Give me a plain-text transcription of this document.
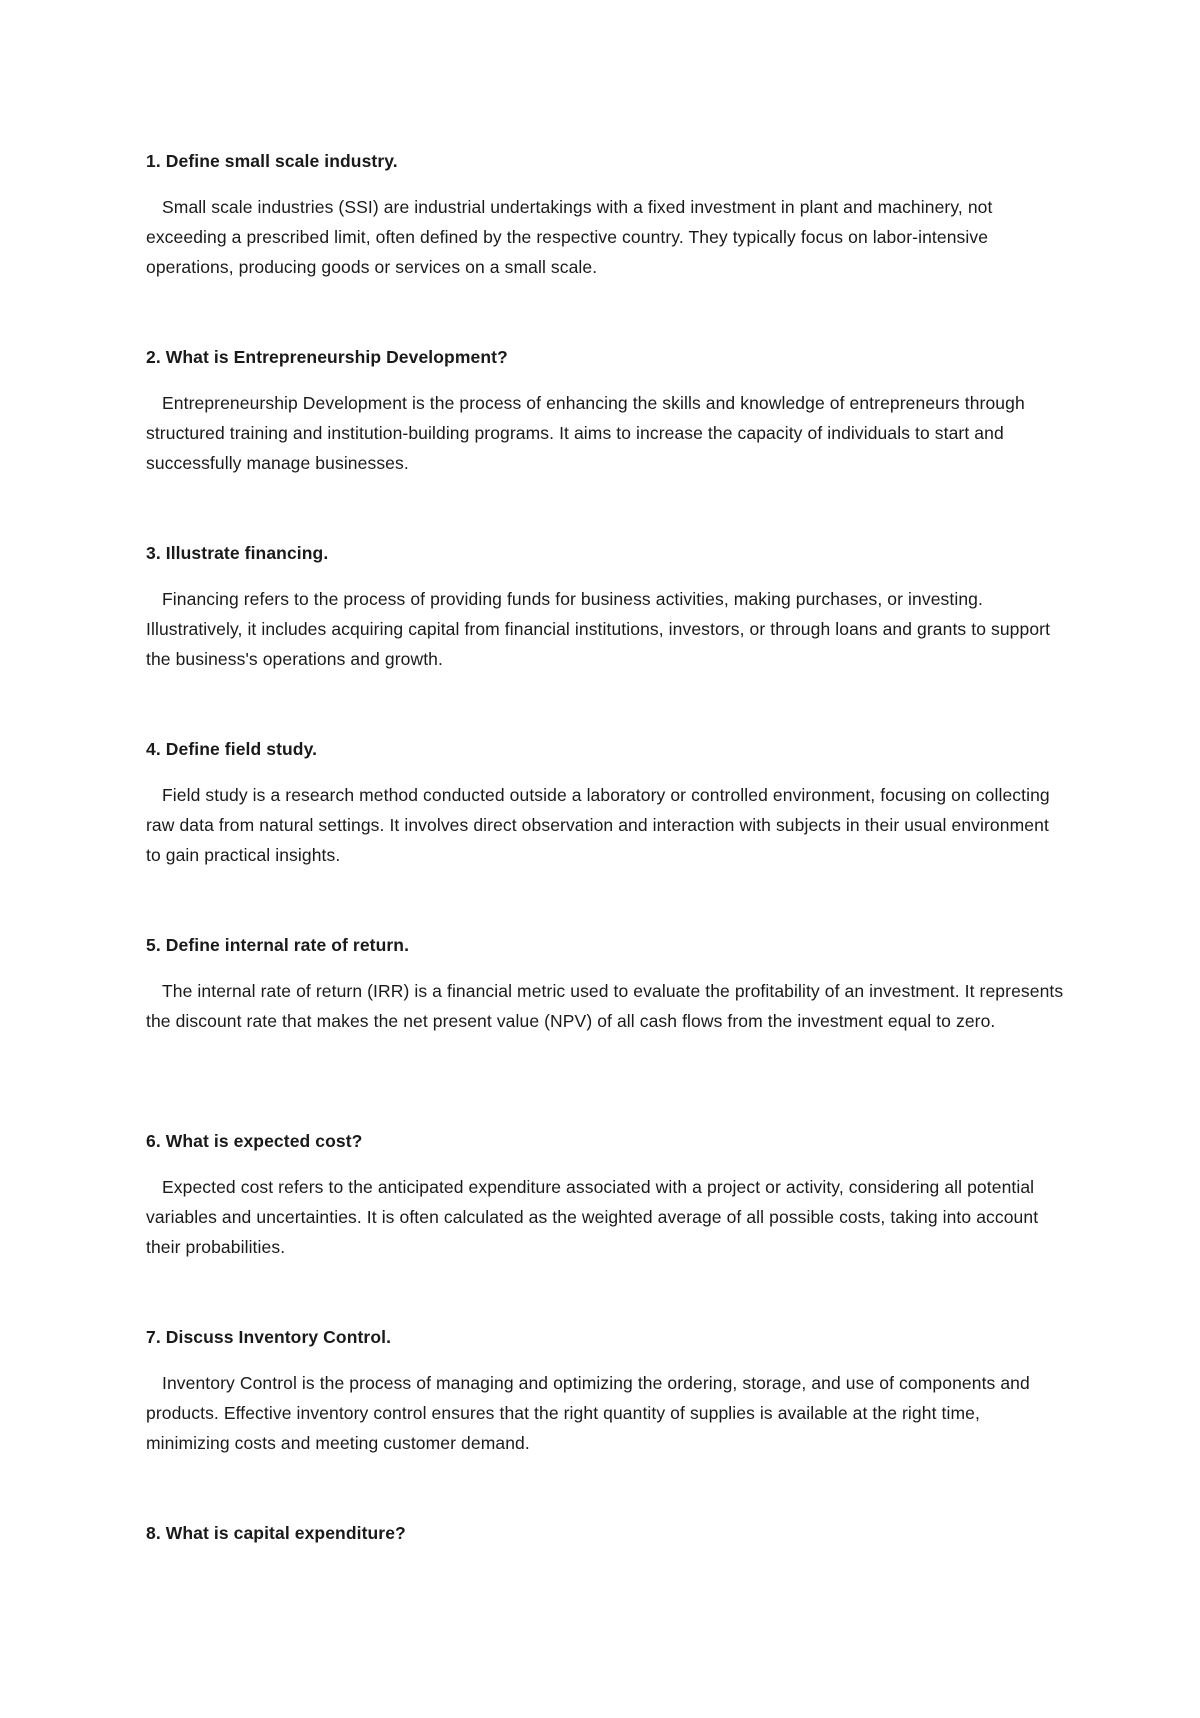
1. Define small scale industry.

Small scale industries (SSI) are industrial undertakings with a fixed investment in plant and machinery, not exceeding a prescribed limit, often defined by the respective country. They typically focus on labor-intensive operations, producing goods or services on a small scale.

2. What is Entrepreneurship Development?

Entrepreneurship Development is the process of enhancing the skills and knowledge of entrepreneurs through structured training and institution-building programs. It aims to increase the capacity of individuals to start and successfully manage businesses.

3. Illustrate financing.

Financing refers to the process of providing funds for business activities, making purchases, or investing. Illustratively, it includes acquiring capital from financial institutions, investors, or through loans and grants to support the business's operations and growth.

4. Define field study.

Field study is a research method conducted outside a laboratory or controlled environment, focusing on collecting raw data from natural settings. It involves direct observation and interaction with subjects in their usual environment to gain practical insights.

5. Define internal rate of return.

The internal rate of return (IRR) is a financial metric used to evaluate the profitability of an investment. It represents the discount rate that makes the net present value (NPV) of all cash flows from the investment equal to zero.

6. What is expected cost?

Expected cost refers to the anticipated expenditure associated with a project or activity, considering all potential variables and uncertainties. It is often calculated as the weighted average of all possible costs, taking into account their probabilities.

7. Discuss Inventory Control.

Inventory Control is the process of managing and optimizing the ordering, storage, and use of components and products. Effective inventory control ensures that the right quantity of supplies is available at the right time, minimizing costs and meeting customer demand.

8. What is capital expenditure?
